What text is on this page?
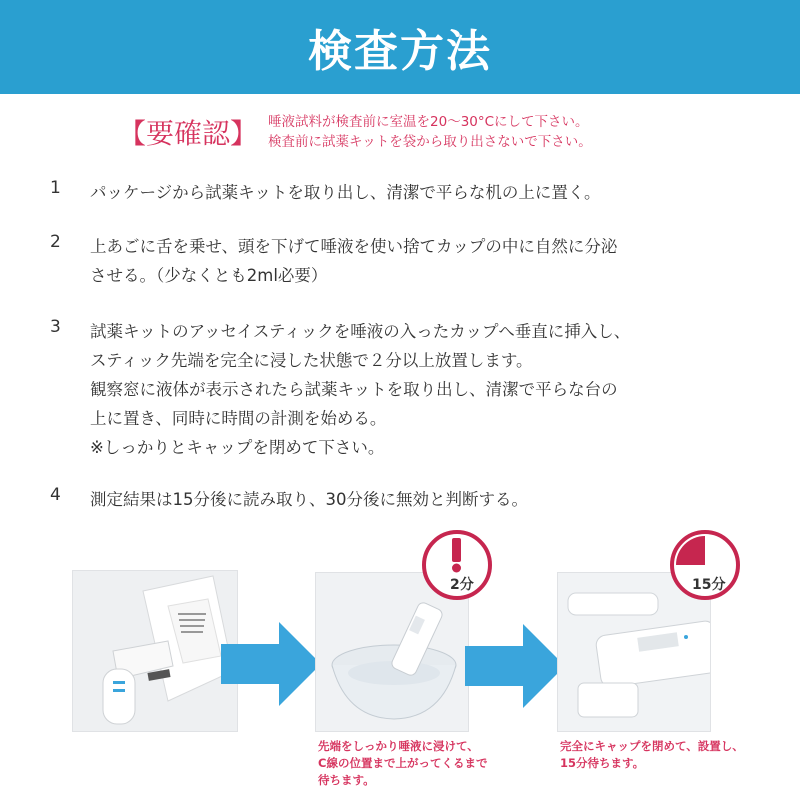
検査方法
【要確認】 唾液試料が検査前に室温を20〜30°Cにして下さい。
検査前に試薬キットを袋から取り出さないで下さい。
1 パッケージから試薬キットを取り出し、清潔で平らな机の上に置く。
2 上あごに舌を乗せ、頭を下げて唾液を使い捨てカップの中に自然に分泌
させる。（少なくとも2ml必要）
3 試薬キットのアッセイスティックを唾液の入ったカップへ垂直に挿入し、
スティック先端を完全に浸した状態で２分以上放置します。
観察窓に液体が表示されたら試薬キットを取り出し、清潔で平らな台の
上に置き、同時に時間の計測を始める。
※しっかりとキャップを閉めて下さい。
4 測定結果は15分後に読み取り、30分後に無効と判断する。
2分	15分
先端をしっかり唾液に浸けて、
C線の位置まで上がってくるまで
待ちます。
完全にキャップを閉めて、設置し、
15分待ちます。
